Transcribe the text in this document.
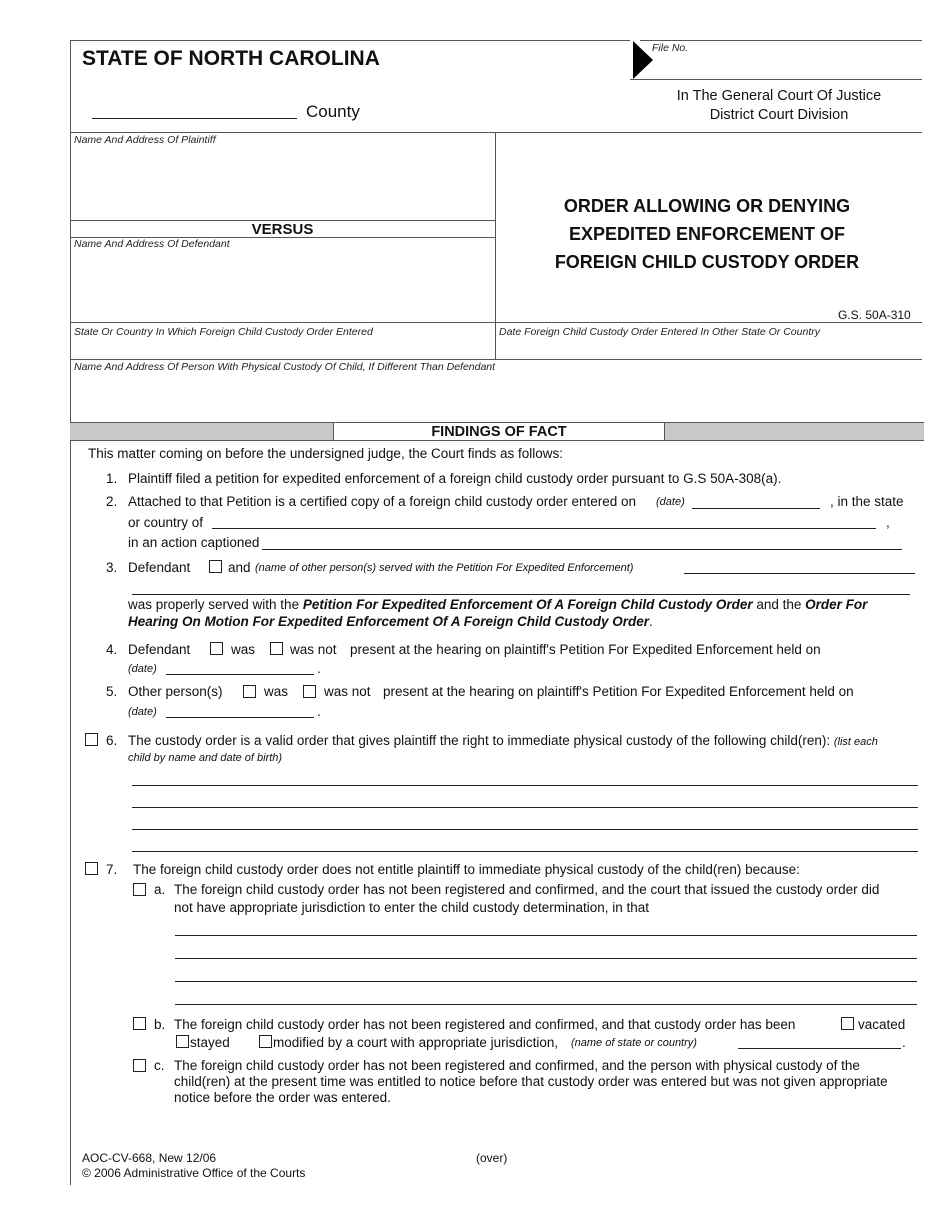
STATE OF NORTH CAROLINA
County
File No.
In The General Court Of Justice
District Court Division
Name And Address Of Plaintiff
VERSUS
Name And Address Of Defendant
ORDER ALLOWING OR DENYING
EXPEDITED ENFORCEMENT OF
FOREIGN CHILD CUSTODY ORDER
G.S. 50A-310
State Or Country In Which Foreign Child Custody Order Entered	Date Foreign Child Custody Order Entered In Other State Or Country
Name And Address Of Person With Physical Custody Of Child, If Different Than Defendant
FINDINGS OF FACT
This matter coming on before the undersigned judge, the Court finds as follows:
1. Plaintiff filed a petition for expedited enforcement of a foreign child custody order pursuant to G.S 50A-308(a).
2. Attached to that Petition is a certified copy of a foreign child custody order entered on (date)	, in the state
or country of	,
in an action captioned
3. Defendant	and (name of other person(s) served with the Petition For Expedited Enforcement)
was properly served with the Petition For Expedited Enforcement Of A Foreign Child Custody Order and the Order For
Hearing On Motion For Expedited Enforcement Of A Foreign Child Custody Order.
4. Defendant	was	was not present at the hearing on plaintiff's Petition For Expedited Enforcement held on
(date)	.
5. Other person(s)	was	was not present at the hearing on plaintiff's Petition For Expedited Enforcement held on
(date)	.
6. The custody order is a valid order that gives plaintiff the right to immediate physical custody of the following child(ren): (list each
child by name and date of birth)
7. The foreign child custody order does not entitle plaintiff to immediate physical custody of the child(ren) because:
a. The foreign child custody order has not been registered and confirmed, and the court that issued the custody order did
not have appropriate jurisdiction to enter the child custody determination, in that
b. The foreign child custody order has not been registered and confirmed, and that custody order has been	vacated
stayed	modified by a court with appropriate jurisdiction, (name of state or country)	.
c. The foreign child custody order has not been registered and confirmed, and the person with physical custody of the
child(ren) at the present time was entitled to notice before that custody order was entered but was not given appropriate
notice before the order was entered.
AOC-CV-668, New 12/06
© 2006 Administrative Office of the Courts
(over)
